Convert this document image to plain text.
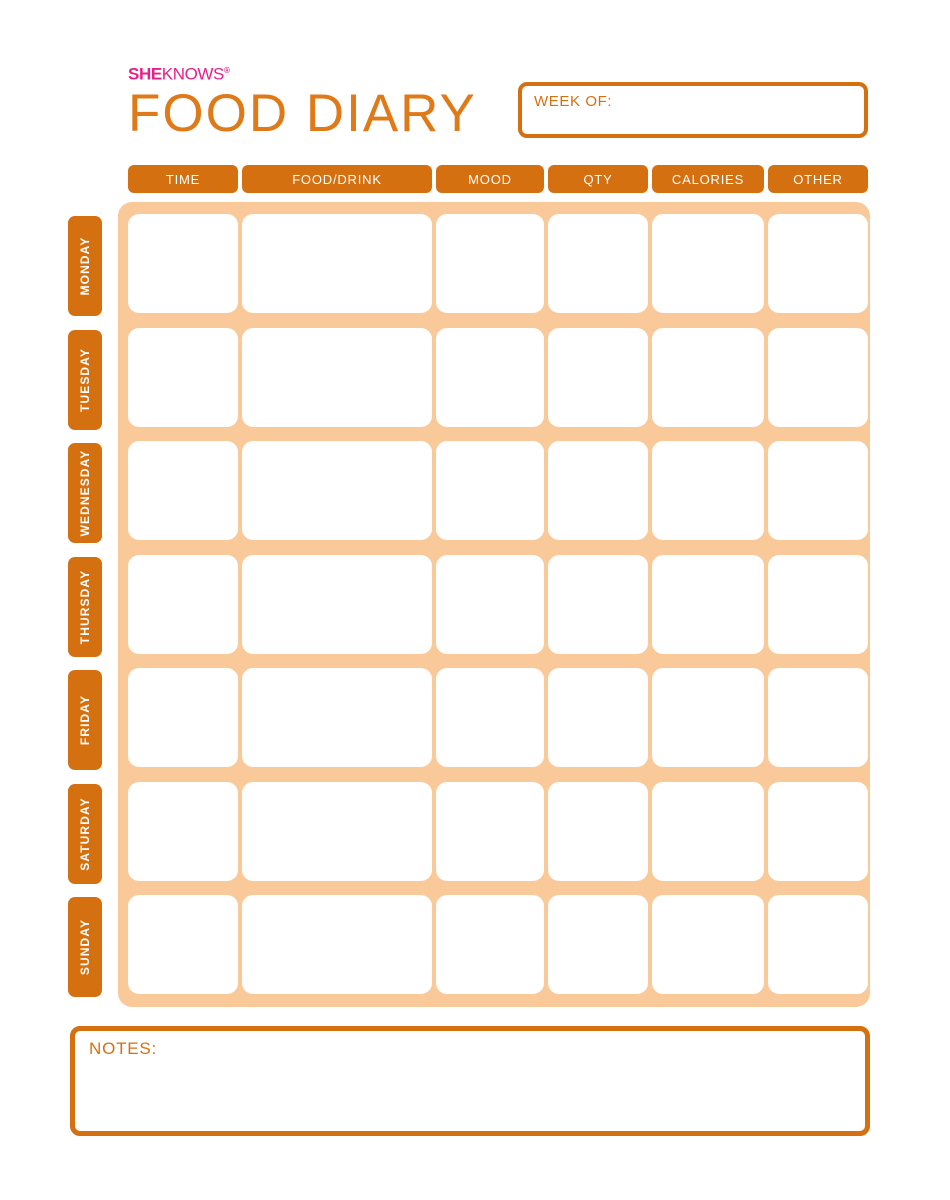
SHEKNOWS®
FOOD DIARY	WEEK OF:
TIME	FOOD/DRINK	MOOD	QTY	CALORIES	OTHER
MONDAY
TUESDAY
WEDNESDAY
THURSDAY
FRIDAY
SATURDAY
SUNDAY
NOTES:
